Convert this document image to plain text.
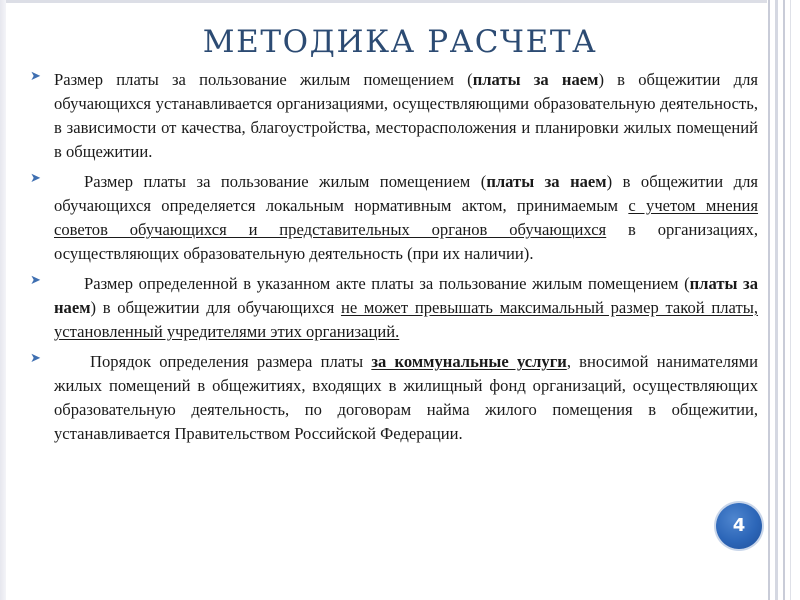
МЕТОДИКА РАСЧЕТА
➤ Размер платы за пользование жилым помещением (платы за наем) в общежитии для обучающихся устанавливается организациями, осуществляющими образовательную деятельность, в зависимости от качества, благоустройства, месторасположения и планировки жилых помещений в общежитии.
➤	Размер платы за пользование жилым помещением (платы за наем) в общежитии для обучающихся определяется локальным нормативным актом, принимаемым с учетом мнения советов обучающихся и представительных органов обучающихся в организациях, осуществляющих образовательную деятельность (при их наличии).
➤	Размер определенной в указанном акте платы за пользование жилым помещением (платы за наем) в общежитии для обучающихся не может превышать максимальный размер такой платы, установленный учредителями этих организаций.
➤	Порядок определения размера платы за коммунальные услуги, вносимой нанимателями жилых помещений в общежитиях, входящих в жилищный фонд организаций, осуществляющих образовательную деятельность, по договорам найма жилого помещения в общежитии, устанавливается Правительством Российской Федерации.
4
